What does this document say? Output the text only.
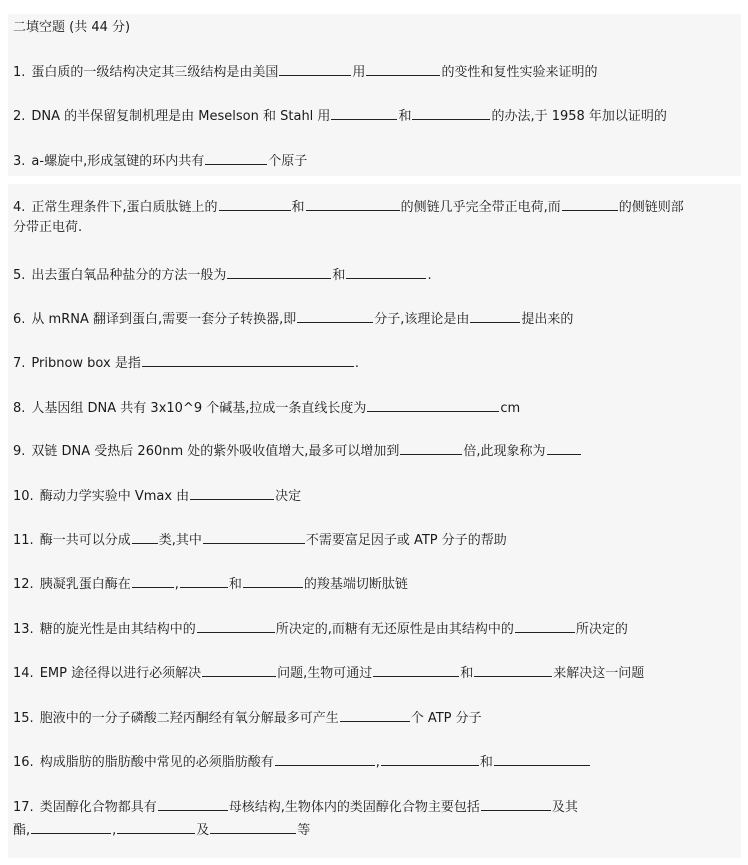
二填空题 (共 44 分)
1. 蛋白质的一级结构决定其三级结构是由美国	用	的变性和复性实验来证明的
2. DNA 的半保留复制机理是由 Meselson 和 Stahl 用	和	的办法,于 1958 年加以证明的
3. a-螺旋中,形成氢键的环内共有	个原子
4. 正常生理条件下,蛋白质肽链上的	和	的侧链几乎完全带正电荷,而	的侧链则部
分带正电荷.
5. 出去蛋白氧品种盐分的方法一般为	和	.
6. 从 mRNA 翻译到蛋白,需要一套分子转换器,即	分子,该理论是由	提出来的
7. Pribnow box 是指	.
8. 人基因组 DNA 共有 3x10^9 个碱基,拉成一条直线长度为	cm
9. 双链 DNA 受热后 260nm 处的紫外吸收值增大,最多可以增加到	倍,此现象称为
10. 酶动力学实验中 Vmax 由	决定
11. 酶一共可以分成 类,其中	不需要富足因子或 ATP 分子的帮助
12. 胰凝乳蛋白酶在	,	和	的羧基端切断肽链
13. 糖的旋光性是由其结构中的	所决定的,而糖有无还原性是由其结构中的	所决定的
14. EMP 途径得以进行必须解决	问题,生物可通过	和	来解决这一问题
15. 胞液中的一分子磷酸二羟丙酮经有氧分解最多可产生	个 ATP 分子
16. 构成脂肪的脂肪酸中常见的必须脂肪酸有	,	和
17. 类固醇化合物都具有	母核结构,生物体内的类固醇化合物主要包括	及其
酯,	,	及	等
